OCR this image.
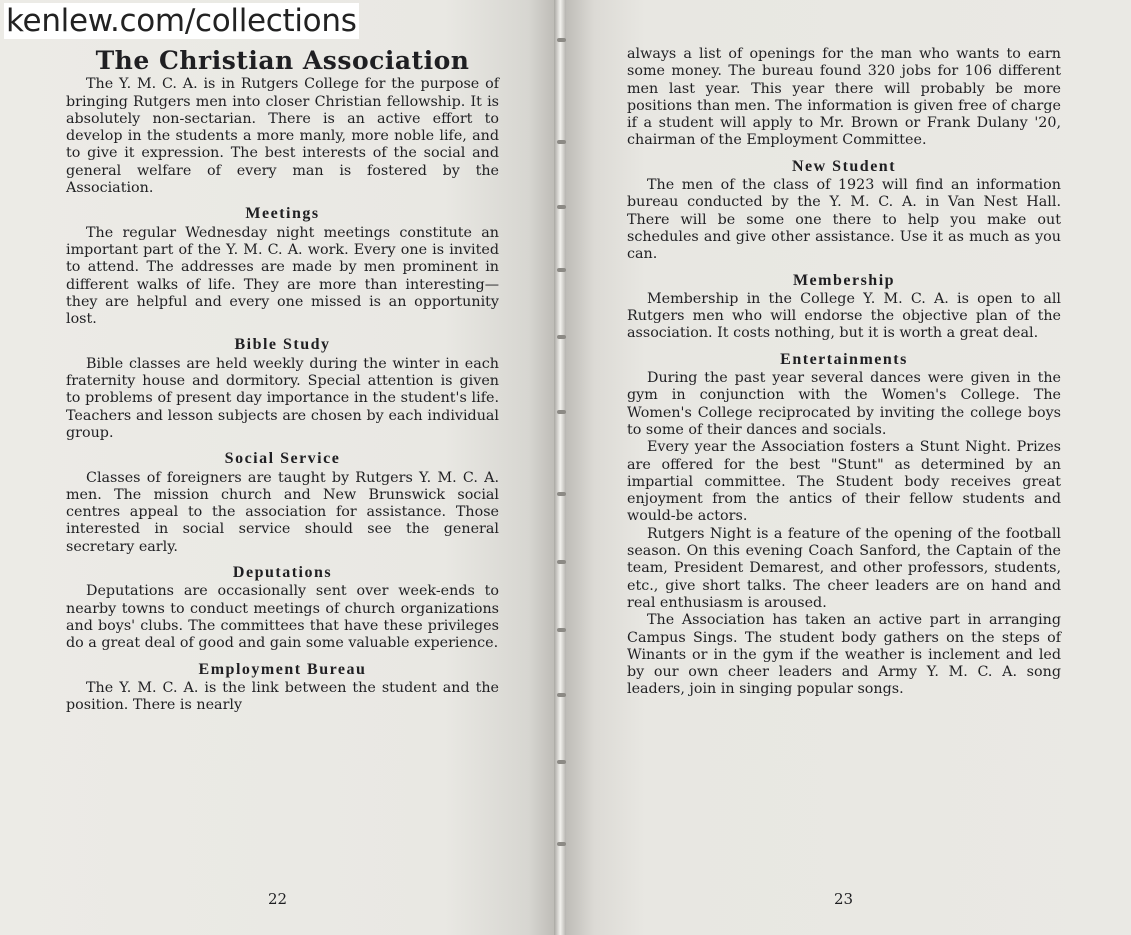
The Christian Association

The Y. M. C. A. is in Rutgers College for the purpose of bringing Rutgers men into closer Christian fellowship. It is absolutely non-sectarian. There is an active effort to develop in the students a more manly, more noble life, and to give it expression. The best interests of the social and general welfare of every man is fostered by the Association.

Meetings

The regular Wednesday night meetings constitute an important part of the Y. M. C. A. work. Every one is invited to attend. The addresses are made by men prominent in different walks of life. They are more than interesting—they are helpful and every one missed is an opportunity lost.

Bible Study

Bible classes are held weekly during the winter in each fraternity house and dormitory. Special attention is given to problems of present day importance in the student's life. Teachers and lesson subjects are chosen by each individual group.

Social Service

Classes of foreigners are taught by Rutgers Y. M. C. A. men. The mission church and New Brunswick social centres appeal to the association for assistance. Those interested in social service should see the general secretary early.

Deputations

Deputations are occasionally sent over week-ends to nearby towns to conduct meetings of church organizations and boys' clubs. The committees that have these privileges do a great deal of good and gain some valuable experience.

Employment Bureau

The Y. M. C. A. is the link between the student and the position. There is nearly

22

always a list of openings for the man who wants to earn some money. The bureau found 320 jobs for 106 different men last year. This year there will probably be more positions than men. The information is given free of charge if a student will apply to Mr. Brown or Frank Dulany '20, chairman of the Employment Committee.

New Student

The men of the class of 1923 will find an information bureau conducted by the Y. M. C. A. in Van Nest Hall. There will be some one there to help you make out schedules and give other assistance. Use it as much as you can.

Membership

Membership in the College Y. M. C. A. is open to all Rutgers men who will endorse the objective plan of the association. It costs nothing, but it is worth a great deal.

Entertainments

During the past year several dances were given in the gym in conjunction with the Women's College. The Women's College reciprocated by inviting the college boys to some of their dances and socials.

Every year the Association fosters a Stunt Night. Prizes are offered for the best "Stunt" as determined by an impartial committee. The Student body receives great enjoyment from the antics of their fellow students and would-be actors.

Rutgers Night is a feature of the opening of the football season. On this evening Coach Sanford, the Captain of the team, President Demarest, and other professors, students, etc., give short talks. The cheer leaders are on hand and real enthusiasm is aroused.

The Association has taken an active part in arranging Campus Sings. The student body gathers on the steps of Winants or in the gym if the weather is inclement and led by our own cheer leaders and Army Y. M. C. A. song leaders, join in singing popular songs.

23
kenlew.com/collections
